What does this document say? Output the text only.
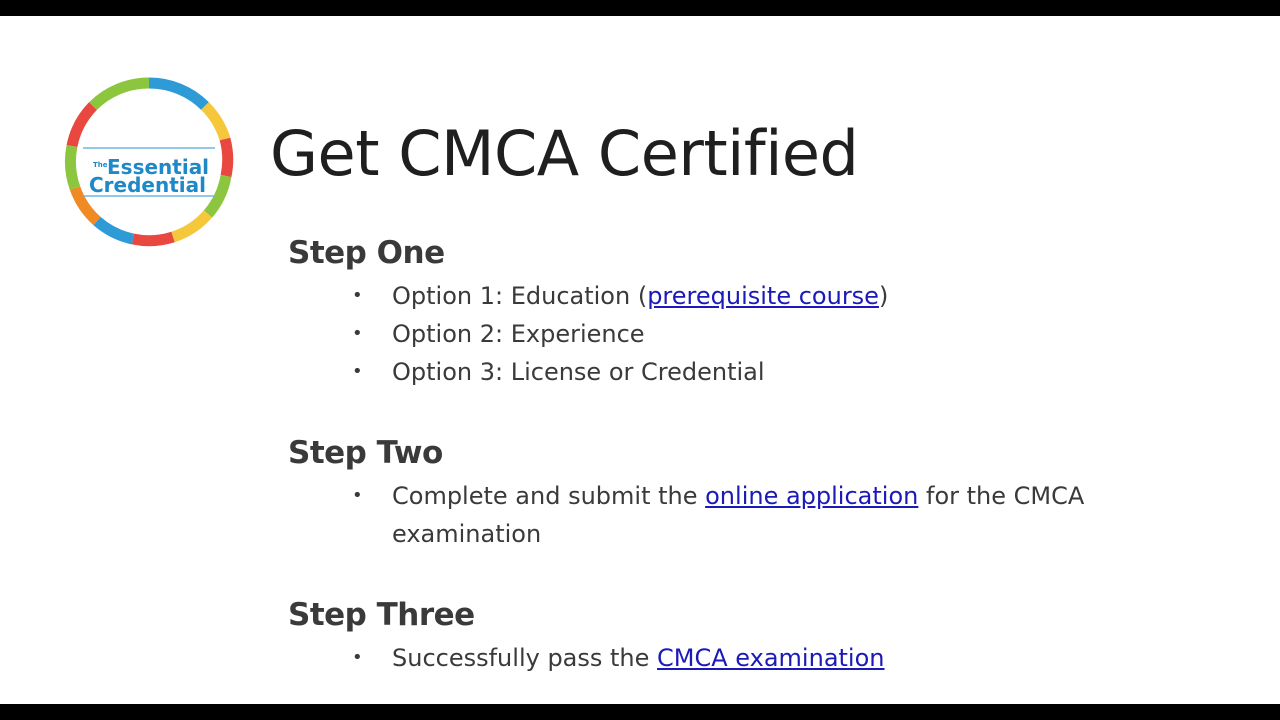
The Essential
Credential Get CMCA Certified
Step One
• Option 1: Education (prerequisite course)
• Option 2: Experience
• Option 3: License or Credential
Step Two
• Complete and submit the online application for the CMCA
examination
Step Three
• Successfully pass the CMCA examination
